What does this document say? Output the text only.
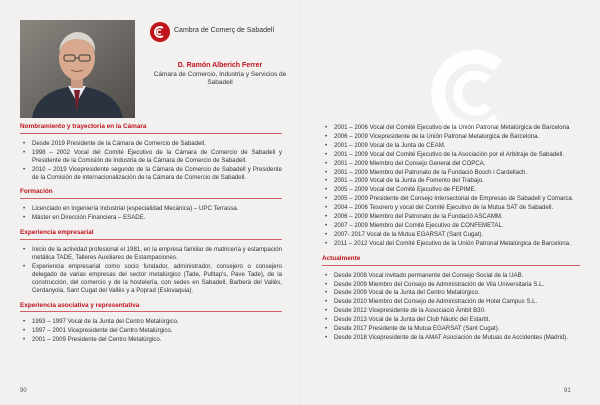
Cambra de Comerç de Sabadell

D. Ramón Alberich Ferrer

Cámara de Comercio, Industria y Servicios de Sabadell

Nombramiento y trayectoria en la Cámara

• Desde 2019 Presidente de la Cámara de Comercio de Sabadell.
• 1998 – 2002 Vocal del Comité Ejecutivo de la Cámara de Comercio de Sabadell y Presidente de la Comisión de Industria de la Cámara de Comercio de Sabadell.
• 2010 – 2019 Vicepresidente segundo de la Cámara de Comercio de Sabadell y Presidente de la Comisión de internacionalización de la Cámara de Comercio de Sabadell.

Formación

• Licenciado en Ingeniería Industrial (especialidad Mecánica) – UPC Terrassa.
• Máster en Dirección Financiera – ESADE.

Experiencia empresarial

• Inicio de la actividad profesional el 1981, en la empresa familiar de matricería y estampación metálica TADE, Talleres Auxiliares de Estampaciones.
• Experiencia empresarial como socio fundador, administrador, consejero o consejero delegado de varias empresas del sector metalúrgico (Tade, Pulltap's, Pave Tade), de la construcción, del comercio y de la hostelería, con sedes en Sabadell, Barberà del Vallès, Cerdanyola, Sant Cugat del Vallès y a Poprad (Eslovaquia).

Experiencia asociativa y representativa

• 1993 – 1997 Vocal de la Junta del Centro Metalúrgico.
• 1997 – 2001 Vicepresidente del Centro Metalúrgico.
• 2001 – 2009 Presidente del Centro Metalúrgico.
90
• 2001 – 2006 Vocal del Comité Ejecutivo de la Unión Patronal Metalúrgica de Barcelona
• 2006 – 2009 Vicepresidente de la Unión Patronal Metalúrgica de Barcelona.
• 2001 – 2009 Vocal de la Junta de CEAM.
• 2001 – 2009 Vocal del Comité Ejecutivo de la Asociación por el Arbitraje de Sabadell.
• 2001 – 2009 Miembro del Consejo General del COPCA.
• 2001 – 2009 Miembro del Patronato de la Fundació Bosch i Cardellach.
• 2001 – 2009 Vocal de la Junta de Fomento del Trabajo.
• 2005 – 2009 Vocal del Comité Ejecutivo de FEPIME.
• 2005 – 2009 Presidente del Consejo Intersectorial de Empresas de Sabadell y Comarca.
• 2004 – 2006 Tesorero y vocal del Comité Ejecutivo de la Mutua SAT de Sabadell.
• 2006 – 2009 Miembro del Patronato de la Fundació ASCAMM.
• 2007 – 2009 Miembro del Comité Ejecutivo de CONFEMETAL.
• 2007- 2017 Vocal de la Mutua EGARSAT (Sant Cugat).
• 2011 – 2012 Vocal del Comité Ejecutivo de la Unión Patronal Metalúrgica de Barcelona.

Actualmente

• Desde 2008 Vocal invitado permanente del Consejo Social de la UAB.
• Desde 2009 Miembro del Consejo de Administración de Vila Universitaria S.L.
• Desde 2009 Vocal de la Junta del Centro Metalúrgico.
• Desde 2010 Miembro del Consejo de Administración de Hotel Campus S.L.
• Desde 2012 Vicepresidente de la Associació Àmbit B30.
• Desde 2013 Vocal de la Junta del Club Nàutic del Estartit.
• Desde 2017 Presidente de la Mutua EGARSAT (Sant Cugat).
• Desde 2018 Vicepresidente de la AMAT Asociación de Mutuas de Accidentes (Madrid).
91
